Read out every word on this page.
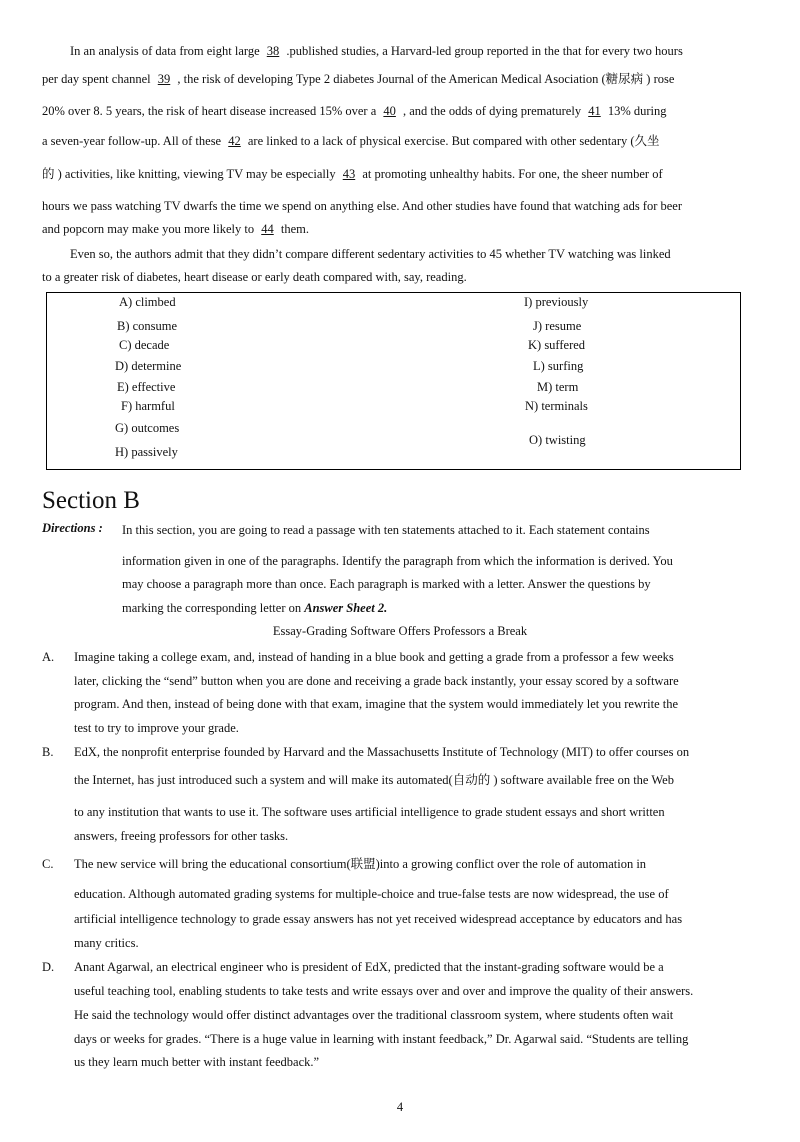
In an analysis of data from eight large 38 .published studies, a Harvard-led group reported in the that for every two hours
per day spent channel 39 , the risk of developing Type 2 diabetes Journal of the American Medical Asociation (糖尿病 ) rose
20% over 8. 5 years, the risk of heart disease increased 15% over a 40 , and the odds of dying prematurely 41 13% during
a seven-year follow-up. All of these 42 are linked to a lack of physical exercise. But compared with other sedentary (久坐
的 ) activities, like knitting, viewing TV may be especially 43 at promoting unhealthy habits. For one, the sheer number of
hours we pass watching TV dwarfs the time we spend on anything else. And other studies have found that watching ads for beer
and popcorn may make you more likely to 44 them.
Even so, the authors admit that they didn’t compare different sedentary activities to 45 whether TV watching was linked
to a greater risk of diabetes, heart disease or early death compared with, say, reading.
A) climbed
B) consume
C) decade
D) determine
E) effective
F) harmful
G) outcomes
H) passively
I) previously
J) resume
K) suffered
L) surfing
M) term
N) terminals
O) twisting
Section B
Directions : In this section, you are going to read a passage with ten statements attached to it. Each statement contains
information given in one of the paragraphs. Identify the paragraph from which the information is derived. You
may choose a paragraph more than once. Each paragraph is marked with a letter. Answer the questions by
marking the corresponding letter on Answer Sheet 2.
Essay-Grading Software Offers Professors a Break
A. Imagine taking a college exam, and, instead of handing in a blue book and getting a grade from a professor a few weeks
later, clicking the “send” button when you are done and receiving a grade back instantly, your essay scored by a software
program. And then, instead of being done with that exam, imagine that the system would immediately let you rewrite the
test to try to improve your grade.
B. EdX, the nonprofit enterprise founded by Harvard and the Massachusetts Institute of Technology (MIT) to offer courses on
the Internet, has just introduced such a system and will make its automated(自动的 ) software available free on the Web
to any institution that wants to use it. The software uses artificial intelligence to grade student essays and short written
answers, freeing professors for other tasks.
C. The new service will bring the educational consortium(联盟)into a growing conflict over the role of automation in
education. Although automated grading systems for multiple-choice and true-false tests are now widespread, the use of
artificial intelligence technology to grade essay answers has not yet received widespread acceptance by educators and has
many critics.
D. Anant Agarwal, an electrical engineer who is president of EdX, predicted that the instant-grading software would be a
useful teaching tool, enabling students to take tests and write essays over and over and improve the quality of their answers.
He said the technology would offer distinct advantages over the traditional classroom system, where students often wait
days or weeks for grades. “There is a huge value in learning with instant feedback,” Dr. Agarwal said. “Students are telling
us they learn much better with instant feedback.”
4
